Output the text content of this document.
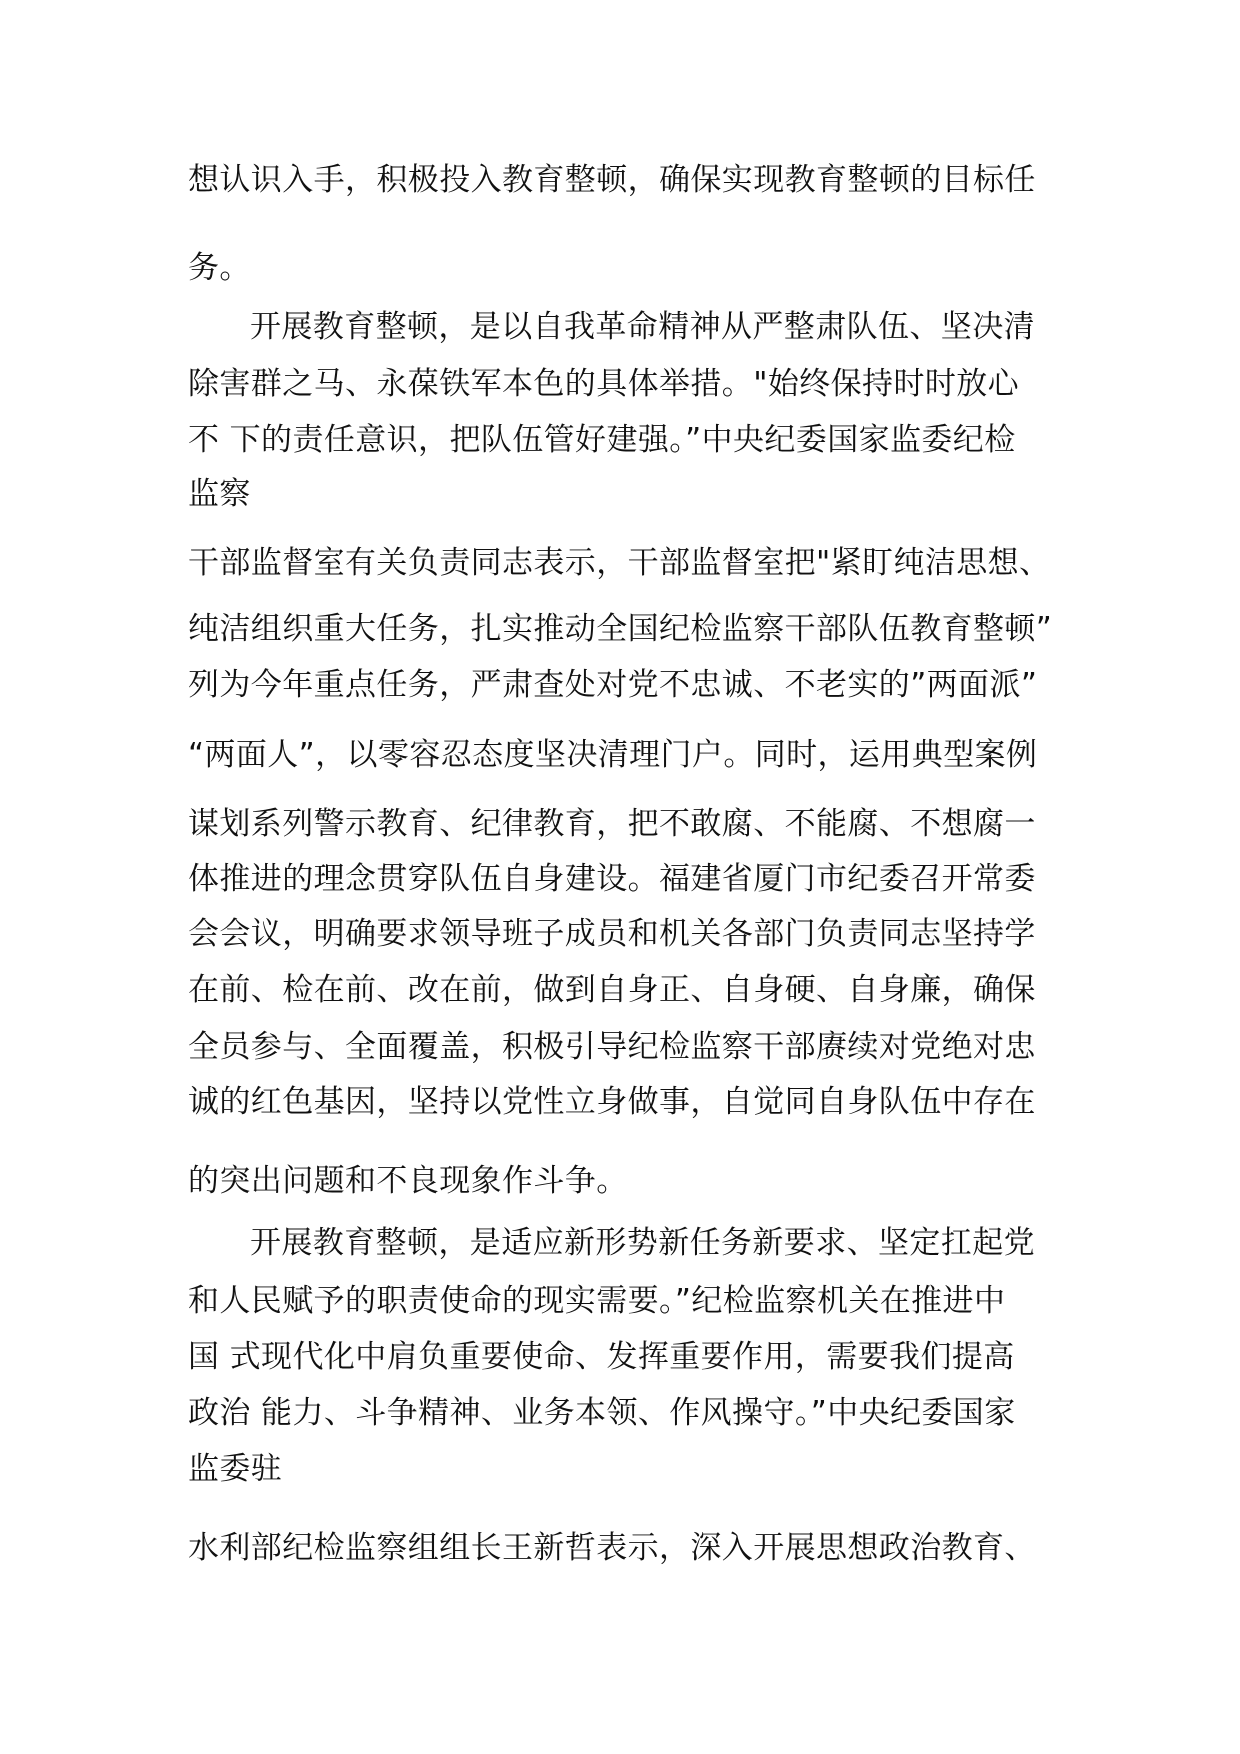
想认识入手，积极投入教育整顿，确保实现教育整顿的目标任
务。
开展教育整顿，是以自我革命精神从严整肃队伍、坚决清
除害群之马、永葆铁军本色的具体举措。"始终保持时时放心
不 下的责任意识，把队伍管好建强。”中央纪委国家监委纪检
监察
干部监督室有关负责同志表示，干部监督室把"紧盯纯洁思想、
纯洁组织重大任务，扎实推动全国纪检监察干部队伍教育整顿”
列为今年重点任务，严肃查处对党不忠诚、不老实的”两面派”
“两面人”，以零容忍态度坚决清理门户。同时，运用典型案例
谋划系列警示教育、纪律教育，把不敢腐、不能腐、不想腐一
体推进的理念贯穿队伍自身建设。福建省厦门市纪委召开常委
会会议，明确要求领导班子成员和机关各部门负责同志坚持学
在前、检在前、改在前，做到自身正、自身硬、自身廉，确保
全员参与、全面覆盖，积极引导纪检监察干部赓续对党绝对忠
诚的红色基因，坚持以党性立身做事，自觉同自身队伍中存在
的突出问题和不良现象作斗争。
开展教育整顿，是适应新形势新任务新要求、坚定扛起党
和人民赋予的职责使命的现实需要。”纪检监察机关在推进中
国 式现代化中肩负重要使命、发挥重要作用，需要我们提高
政治 能力、斗争精神、业务本领、作风操守。”中央纪委国家
监委驻
水利部纪检监察组组长王新哲表示，深入开展思想政治教育、
